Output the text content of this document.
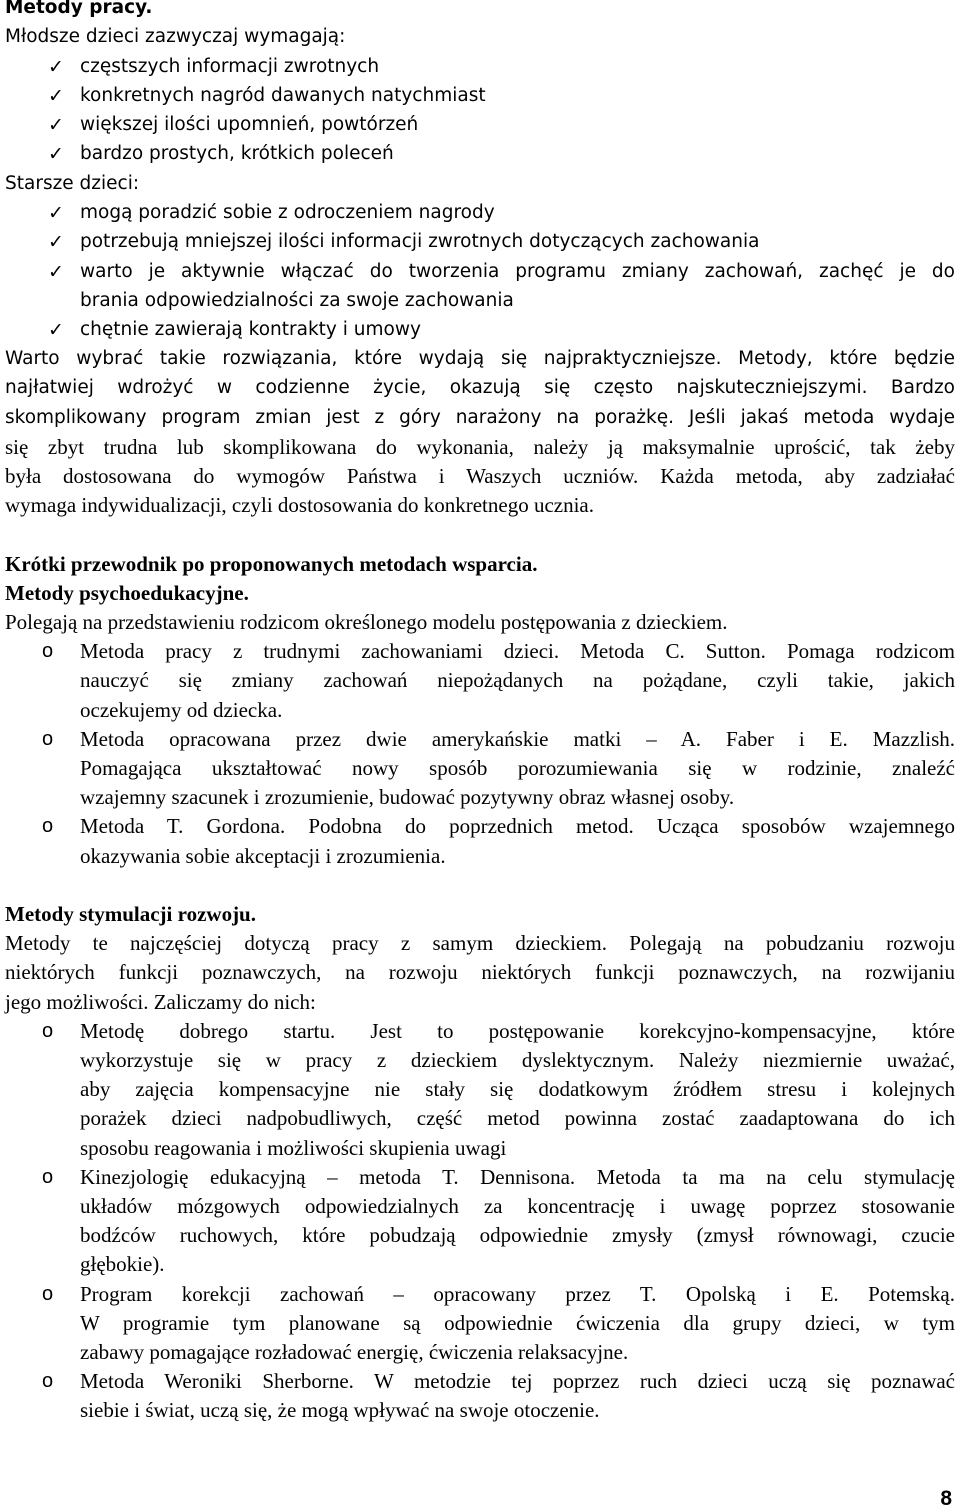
Metody pracy.

Młodsze dzieci zazwyczaj wymagają:

✓ częstszych informacji zwrotnych

✓ konkretnych nagród dawanych natychmiast

✓ większej ilości upomnień, powtórzeń

✓ bardzo prostych, krótkich poleceń

Starsze dzieci:

✓ mogą poradzić sobie z odroczeniem nagrody

✓ potrzebują mniejszej ilości informacji zwrotnych dotyczących zachowania

✓ warto je aktywnie włączać do tworzenia programu zmiany zachowań, zachęć je do

brania odpowiedzialności za swoje zachowania

✓ chętnie zawierają kontrakty i umowy

Warto wybrać takie rozwiązania, które wydają się najpraktyczniejsze. Metody, które będzie

najłatwiej wdrożyć w codzienne życie, okazują się często najskuteczniejszymi. Bardzo

skomplikowany program zmian jest z góry narażony na porażkę. Jeśli jakaś metoda wydaje

się zbyt trudna lub skomplikowana do wykonania, należy ją maksymalnie uprościć, tak żeby

była dostosowana do wymogów Państwa i Waszych uczniów. Każda metoda, aby zadziałać

wymaga indywidualizacji, czyli dostosowania do konkretnego ucznia.

Krótki przewodnik po proponowanych metodach wsparcia.

Metody psychoedukacyjne.

Polegają na przedstawieniu rodzicom określonego modelu postępowania z dzieckiem.

o Metoda pracy z trudnymi zachowaniami dzieci. Metoda C. Sutton. Pomaga rodzicom

nauczyć się zmiany zachowań niepożądanych na pożądane, czyli takie, jakich

oczekujemy od dziecka.

o Metoda opracowana przez dwie amerykańskie matki – A. Faber i E. Mazzlish.

Pomagająca ukształtować nowy sposób porozumiewania się w rodzinie, znaleźć

wzajemny szacunek i zrozumienie, budować pozytywny obraz własnej osoby.

o Metoda T. Gordona. Podobna do poprzednich metod. Ucząca sposobów wzajemnego

okazywania sobie akceptacji i zrozumienia.

Metody stymulacji rozwoju.

Metody te najczęściej dotyczą pracy z samym dzieckiem. Polegają na pobudzaniu rozwoju

niektórych funkcji poznawczych, na rozwoju niektórych funkcji poznawczych, na rozwijaniu

jego możliwości. Zaliczamy do nich:

o Metodę dobrego startu. Jest to postępowanie korekcyjno-kompensacyjne, które

wykorzystuje się w pracy z dzieckiem dyslektycznym. Należy niezmiernie uważać,

aby zajęcia kompensacyjne nie stały się dodatkowym źródłem stresu i kolejnych

porażek dzieci nadpobudliwych, część metod powinna zostać zaadaptowana do ich

sposobu reagowania i możliwości skupienia uwagi

o Kinezjologię edukacyjną – metoda T. Dennisona. Metoda ta ma na celu stymulację

układów mózgowych odpowiedzialnych za koncentrację i uwagę poprzez stosowanie

bodźców ruchowych, które pobudzają odpowiednie zmysły (zmysł równowagi, czucie

głębokie).

o Program korekcji zachowań – opracowany przez T. Opolską i E. Potemską.

W programie tym planowane są odpowiednie ćwiczenia dla grupy dzieci, w tym

zabawy pomagające rozładować energię, ćwiczenia relaksacyjne.

o Metoda Weroniki Sherborne. W metodzie tej poprzez ruch dzieci uczą się poznawać

siebie i świat, uczą się, że mogą wpływać na swoje otoczenie.

8
